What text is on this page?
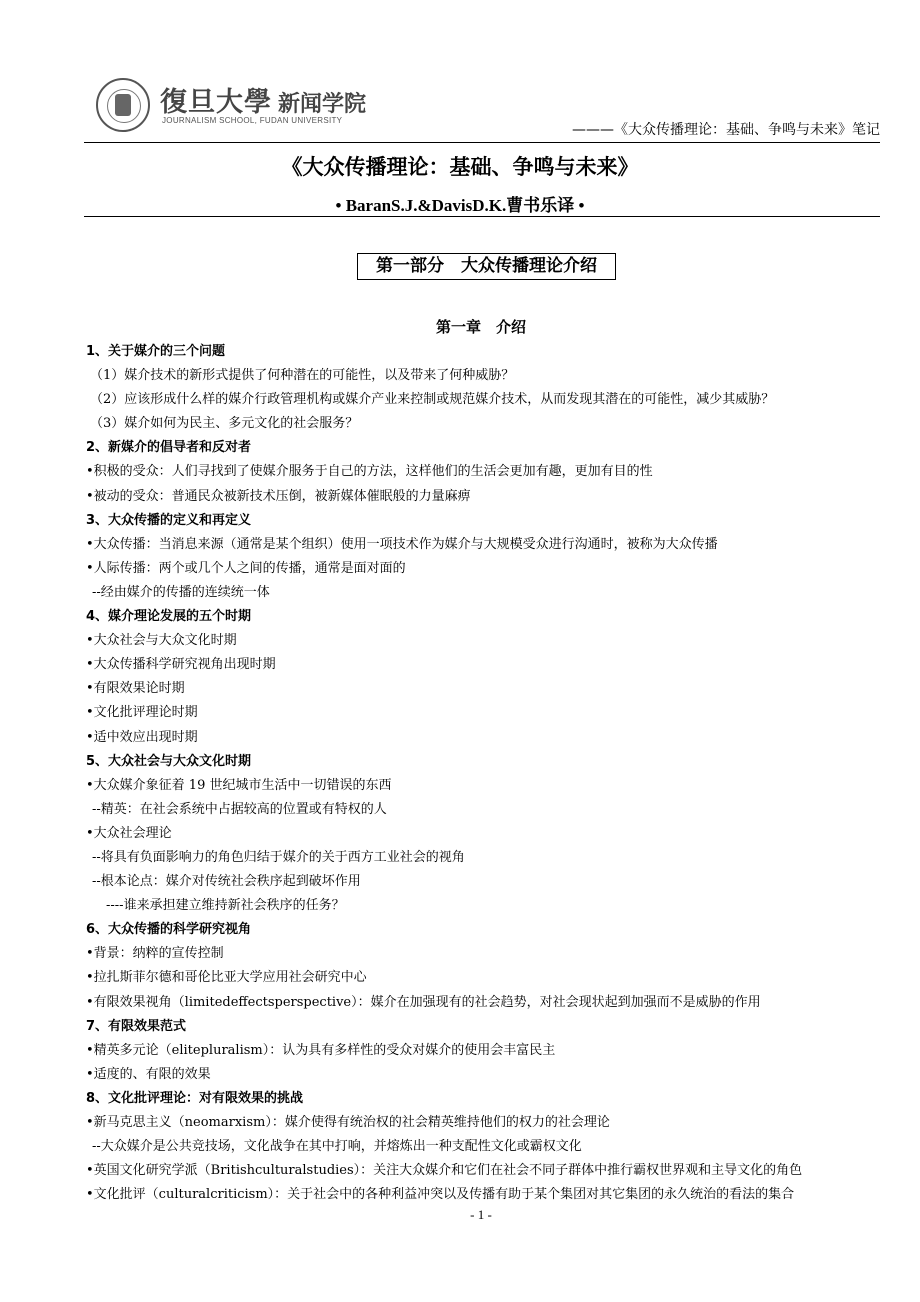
復旦大學 新闻学院
JOURNALISM SCHOOL, FUDAN UNIVERSITY
———《大众传播理论：基础、争鸣与未来》笔记
《大众传播理论：基础、争鸣与未来》
• BaranS.J.&DavisD.K.曹书乐译 •
第一部分　大众传播理论介绍
第一章　介绍
1、关于媒介的三个问题
（1）媒介技术的新形式提供了何种潜在的可能性，以及带来了何种威胁？
（2）应该形成什么样的媒介行政管理机构或媒介产业来控制或规范媒介技术，从而发现其潜在的可能性，减少其威胁？
（3）媒介如何为民主、多元文化的社会服务？
2、新媒介的倡导者和反对者
•积极的受众：人们寻找到了使媒介服务于自己的方法，这样他们的生活会更加有趣，更加有目的性
•被动的受众：普通民众被新技术压倒，被新媒体催眠般的力量麻痹
3、大众传播的定义和再定义
•大众传播：当消息来源（通常是某个组织）使用一项技术作为媒介与大规模受众进行沟通时，被称为大众传播
•人际传播：两个或几个人之间的传播，通常是面对面的
--经由媒介的传播的连续统一体
4、媒介理论发展的五个时期
•大众社会与大众文化时期
•大众传播科学研究视角出现时期
•有限效果论时期
•文化批评理论时期
•适中效应出现时期
5、大众社会与大众文化时期
•大众媒介象征着 19 世纪城市生活中一切错误的东西
--精英：在社会系统中占据较高的位置或有特权的人
•大众社会理论
--将具有负面影响力的角色归结于媒介的关于西方工业社会的视角
--根本论点：媒介对传统社会秩序起到破坏作用
----谁来承担建立维持新社会秩序的任务？
6、大众传播的科学研究视角
•背景：纳粹的宣传控制
•拉扎斯菲尔德和哥伦比亚大学应用社会研究中心
•有限效果视角（limitedeffectsperspective）：媒介在加强现有的社会趋势，对社会现状起到加强而不是威胁的作用
7、有限效果范式
•精英多元论（elitepluralism）：认为具有多样性的受众对媒介的使用会丰富民主
•适度的、有限的效果
8、文化批评理论：对有限效果的挑战
•新马克思主义（neomarxism）：媒介使得有统治权的社会精英维持他们的权力的社会理论
--大众媒介是公共竞技场，文化战争在其中打响，并熔炼出一种支配性文化或霸权文化
•英国文化研究学派（Britishculturalstudies）：关注大众媒介和它们在社会不同子群体中推行霸权世界观和主导文化的角色
•文化批评（culturalcriticism）：关于社会中的各种利益冲突以及传播有助于某个集团对其它集团的永久统治的看法的集合
- 1 -
